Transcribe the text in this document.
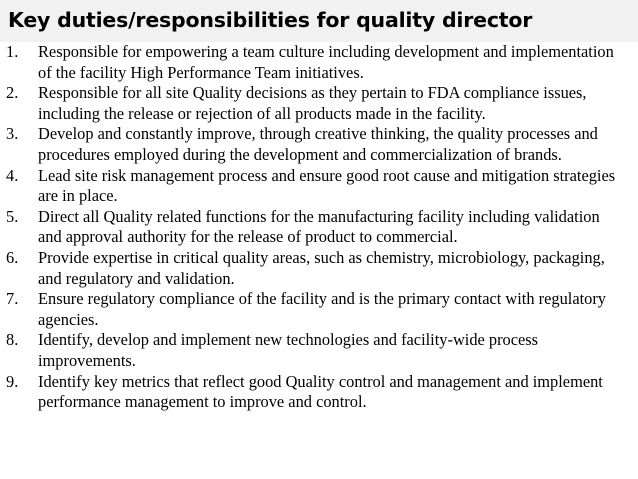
Key duties/responsibilities for quality director
1. Responsible for empowering a team culture including development and implementation of the facility High Performance Team initiatives.
2. Responsible for all site Quality decisions as they pertain to FDA compliance issues, including the release or rejection of all products made in the facility.
3. Develop and constantly improve, through creative thinking, the quality processes and procedures employed during the development and commercialization of brands.
4. Lead site risk management process and ensure good root cause and mitigation strategies are in place.
5. Direct all Quality related functions for the manufacturing facility including validation and approval authority for the release of product to commercial.
6. Provide expertise in critical quality areas, such as chemistry, microbiology, packaging, and regulatory and validation.
7. Ensure regulatory compliance of the facility and is the primary contact with regulatory agencies.
8. Identify, develop and implement new technologies and facility-wide process improvements.
9. Identify key metrics that reflect good Quality control and management and implement performance management to improve and control.
